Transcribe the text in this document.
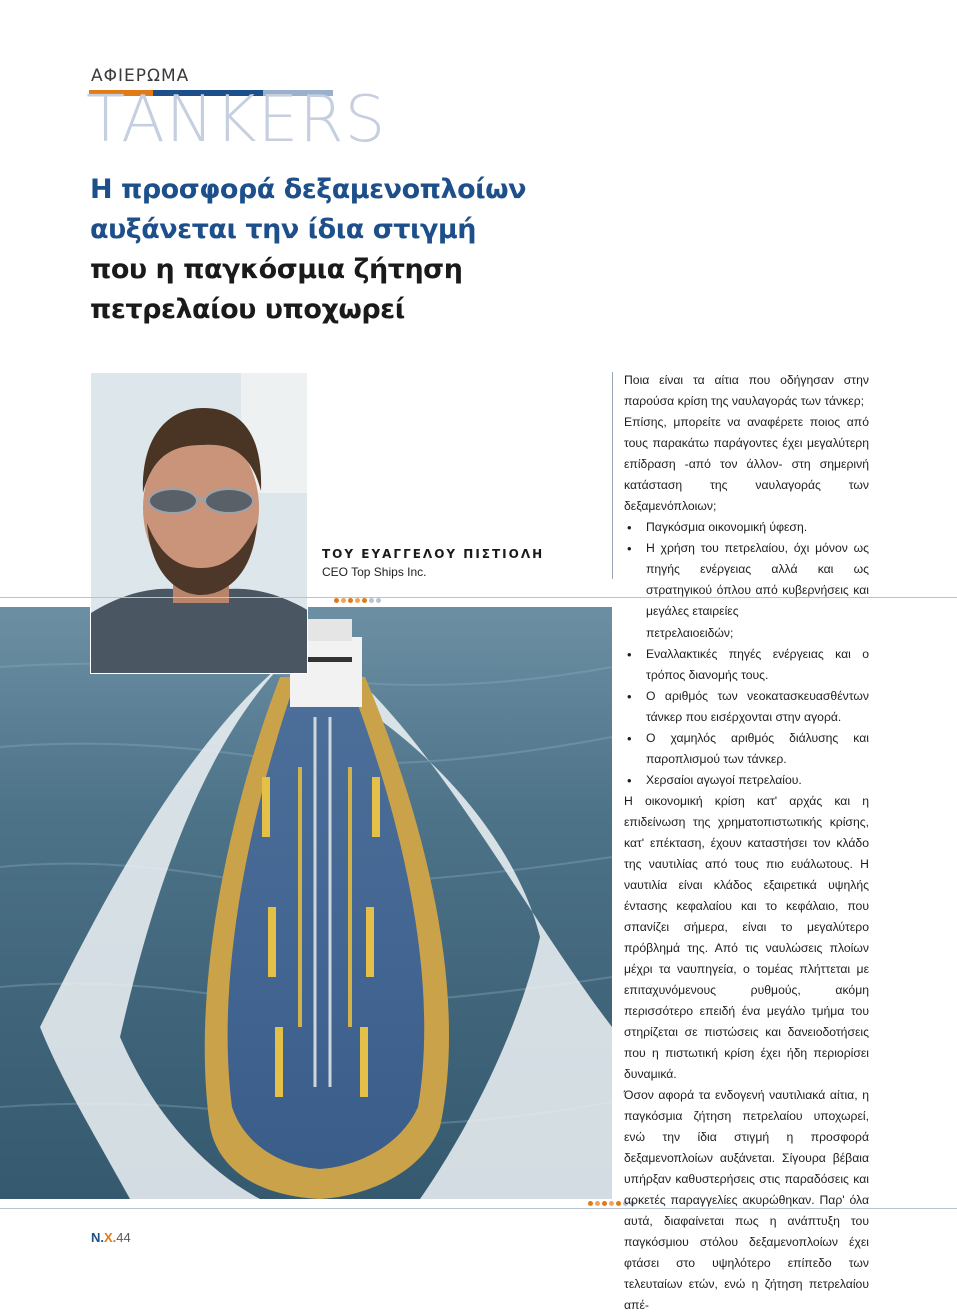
ΑΦΙΕΡΩΜΑ
TANKERS
Η προσφορά δεξαμενοπλοίων
αυξάνεται την ίδια στιγμή
που η παγκόσμια ζήτηση
πετρελαίου υποχωρεί
ΤΟΥ ΕΥΑΓΓΕΛΟΥ ΠΙΣΤΙΟΛΗ
CEO Top Ships Inc.

Ποια είναι τα αίτια που οδήγησαν στην παρούσα κρίση της ναυλαγοράς των τάνκερ;

Επίσης, μπορείτε να αναφέρετε ποιος από τους παρακάτω παράγοντες έχει μεγαλύτερη επίδραση -από τον άλλον- στη σημερινή κατάσταση της ναυλαγοράς των δεξαμενόπλοιων;

• Παγκόσμια οικονομική ύφεση.
• Η χρήση του πετρελαίου, όχι μόνον ως πηγής ενέργειας αλλά και ως στρατηγικού όπλου από κυβερνήσεις και μεγάλες εταιρείες

πετρελαιοειδών;

• Εναλλακτικές πηγές ενέργειας και ο τρόπος διανομής τους.
• Ο αριθμός των νεοκατασκευασθέντων τάνκερ που εισέρχονται στην αγορά.
• Ο χαμηλός αριθμός διάλυσης και παροπλισμού των τάνκερ.
• Χερσαίοι αγωγοί πετρελαίου.

Η οικονομική κρίση κατ' αρχάς και η επιδείνωση της χρηματοπιστωτικής κρίσης, κατ' επέκταση, έχουν καταστήσει τον κλάδο της ναυτιλίας από τους πιο ευάλωτους. Η ναυτιλία είναι κλάδος εξαιρετικά υψηλής έντασης κεφαλαίου και το κεφάλαιο, που σπανίζει σήμερα, είναι το μεγαλύτερο πρόβλημά της. Από τις ναυλώσεις πλοίων μέχρι τα ναυπηγεία, ο τομέας πλήττεται με επιταχυνόμενους ρυθμούς, ακόμη περισσότερο επειδή ένα μεγάλο τμήμα του στηρίζεται σε πιστώσεις και δανειοδοτήσεις που η πιστωτική κρίση έχει ήδη περιορίσει δυναμικά.

Όσον αφορά τα ενδογενή ναυτιλιακά αίτια, η παγκόσμια ζήτηση πετρελαίου υποχωρεί, ενώ την ίδια στιγμή η προσφορά δεξαμενοπλοίων αυξάνεται. Σίγουρα βέβαια υπήρξαν καθυστερήσεις στις παραδόσεις και αρκετές παραγγελίες ακυρώθηκαν. Παρ' όλα αυτά, διαφαίνεται πως η ανάπτυξη του παγκόσμιου στόλου δεξαμενοπλοίων έχει φτάσει στο υψηλότερο επίπεδο των τελευταίων ετών, ενώ η ζήτηση πετρελαίου απέ-

Ν.Χ.44
